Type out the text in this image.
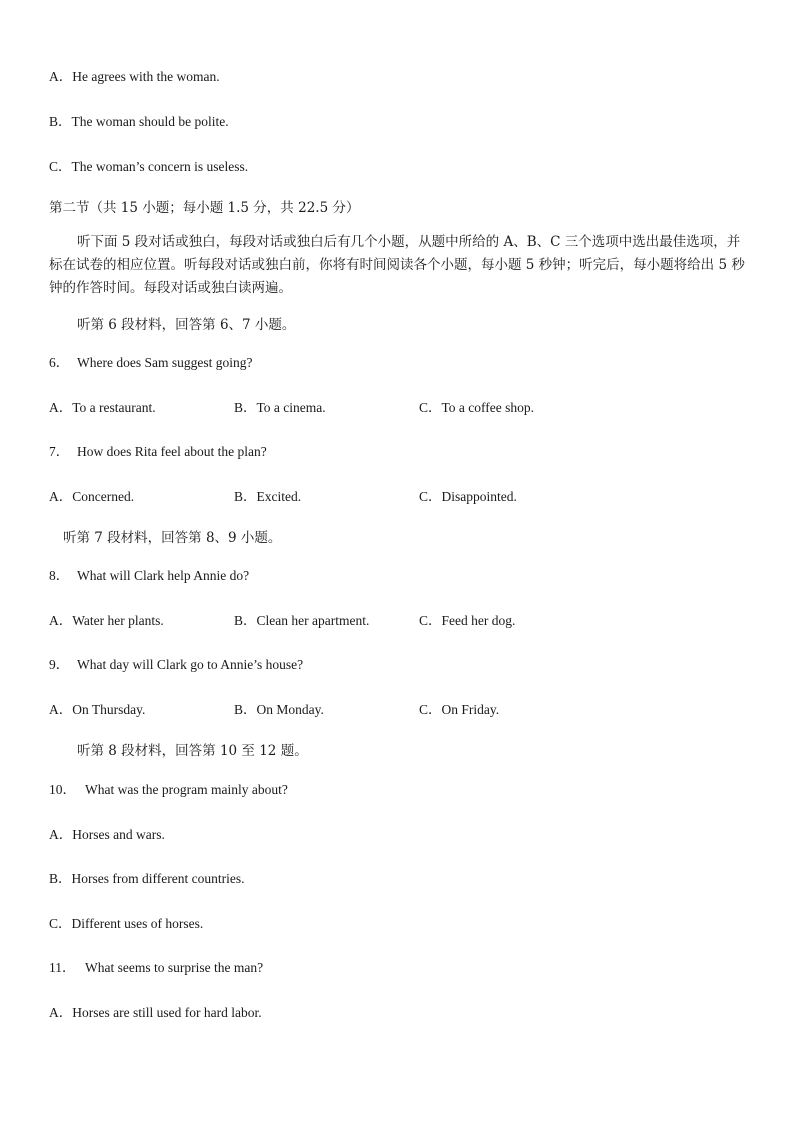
A．He agrees with the woman.
B．The woman should be polite.
C．The woman’s concern is useless.
第二节（共 15 小题；每小题 1.5 分，共 22.5 分）
听下面 5 段对话或独白，每段对话或独白后有几个小题，从题中所给的 A、B、C 三个选项中选出最佳选项，并
标在试卷的相应位置。听每段对话或独白前，你将有时间阅读各个小题，每小题 5 秒钟；听完后，每小题将给出 5 秒
钟的作答时间。每段对话或独白读两遍。
听第 6 段材料，回答第 6、7 小题。
6． Where does Sam suggest going?
A．To a restaurant.	B．To a cinema.	C．To a coffee shop.
7． How does Rita feel about the plan?
A．Concerned.	B．Excited.	C．Disappointed.
听第 7 段材料，回答第 8、9 小题。
8． What will Clark help Annie do?
A．Water her plants.	B．Clean her apartment.	C．Feed her dog.
9． What day will Clark go to Annie’s house?
A．On Thursday.	B．On Monday.	C．On Friday.
听第 8 段材料，回答第 10 至 12 题。
10． What was the program mainly about?
A．Horses and wars.
B．Horses from different countries.
C．Different uses of horses.
11． What seems to surprise the man?
A．Horses are still used for hard labor.
